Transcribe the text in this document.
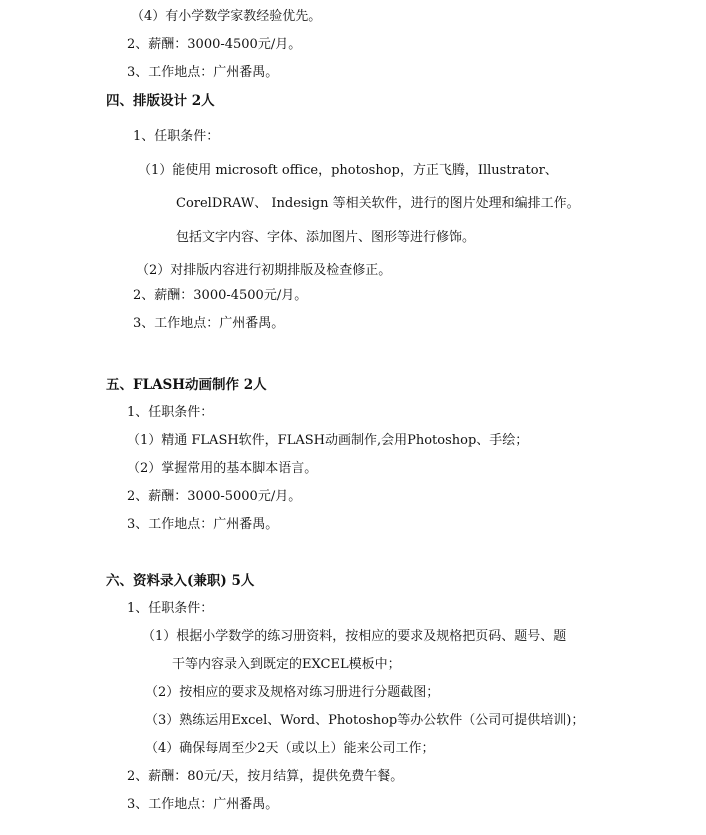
（4）有小学数学家教经验优先。
2、薪酬：3000-4500元/月。
3、工作地点：广州番禺。
四、排版设计 2人
1、任职条件：
（1）能使用 microsoft office，photoshop，方正飞腾，Illustrator、
CorelDRAW、 Indesign 等相关软件，进行的图片处理和编排工作。
包括文字内容、字体、添加图片、图形等进行修饰。
（2）对排版内容进行初期排版及检查修正。
2、薪酬：3000-4500元/月。
3、工作地点：广州番禺。
五、FLASH动画制作 2人
1、任职条件：
（1）精通 FLASH软件，FLASH动画制作,会用Photoshop、手绘；
（2）掌握常用的基本脚本语言。
2、薪酬：3000-5000元/月。
3、工作地点：广州番禺。
六、资料录入(兼职) 5人
1、任职条件：
（1）根据小学数学的练习册资料，按相应的要求及规格把页码、题号、题
干等内容录入到既定的EXCEL模板中；
（2）按相应的要求及规格对练习册进行分题截图；
（3）熟练运用Excel、Word、Photoshop等办公软件（公司可提供培训)；
（4）确保每周至少2天（或以上）能来公司工作；
2、薪酬：80元/天，按月结算，提供免费午餐。
3、工作地点：广州番禺。
